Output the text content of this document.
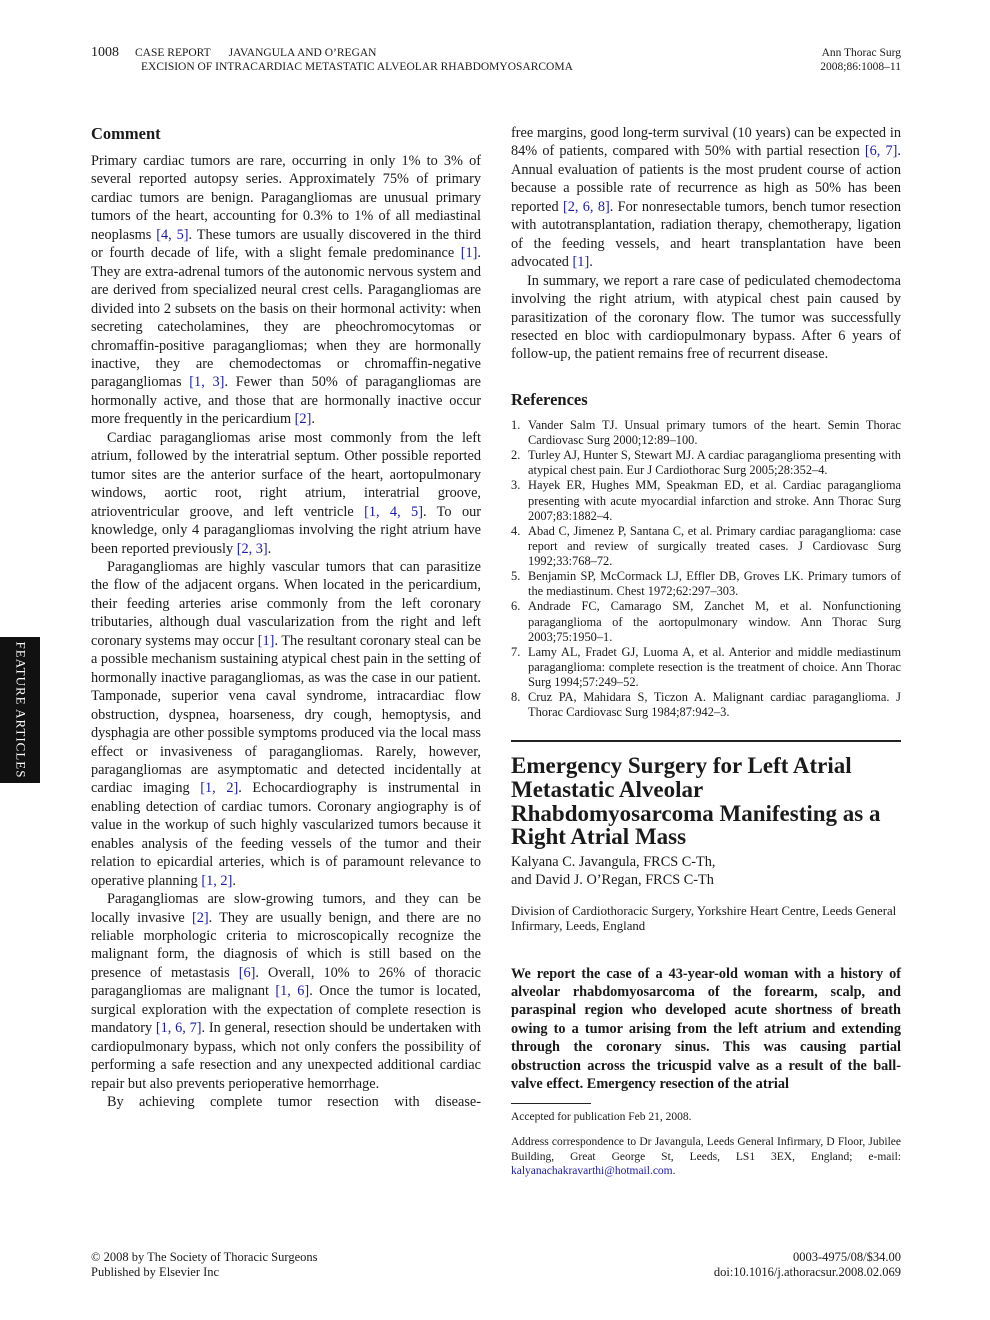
1008 CASE REPORT JAVANGULA AND O’REGAN
EXCISION OF INTRACARDIAC METASTATIC ALVEOLAR RHABDOMYOSARCOMA
Ann Thorac Surg
2008;86:1008–11
FEATURE ARTICLES
Comment

Primary cardiac tumors are rare, occurring in only 1% to 3% of several reported autopsy series. Approximately 75% of primary cardiac tumors are benign. Paragangliomas are unusual primary tumors of the heart, accounting for 0.3% to 1% of all mediastinal neoplasms [4, 5]. These tumors are usually discovered in the third or fourth decade of life, with a slight female predominance [1]. They are extra-adrenal tumors of the autonomic nervous system and are derived from specialized neural crest cells. Paragangliomas are divided into 2 subsets on the basis on their hormonal activity: when secreting catecholamines, they are pheochromocytomas or chromaffin-positive paragangliomas; when they are hormonally inactive, they are chemodectomas or chromaffin-negative paragangliomas [1, 3]. Fewer than 50% of paragangliomas are hormonally active, and those that are hormonally inactive occur more frequently in the pericardium [2].

Cardiac paragangliomas arise most commonly from the left atrium, followed by the interatrial septum. Other possible reported tumor sites are the anterior surface of the heart, aortopulmonary windows, aortic root, right atrium, interatrial groove, atrioventricular groove, and left ventricle [1, 4, 5]. To our knowledge, only 4 paragangliomas involving the right atrium have been reported previously [2, 3].

Paragangliomas are highly vascular tumors that can parasitize the flow of the adjacent organs. When located in the pericardium, their feeding arteries arise commonly from the left coronary tributaries, although dual vascularization from the right and left coronary systems may occur [1]. The resultant coronary steal can be a possible mechanism sustaining atypical chest pain in the setting of hormonally inactive paragangliomas, as was the case in our patient. Tamponade, superior vena caval syndrome, intracardiac flow obstruction, dyspnea, hoarseness, dry cough, hemoptysis, and dysphagia are other possible symptoms produced via the local mass effect or invasiveness of paragangliomas. Rarely, however, paragangliomas are asymptomatic and detected incidentally at cardiac imaging [1, 2]. Echocardiography is instrumental in enabling detection of cardiac tumors. Coronary angiography is of value in the workup of such highly vascularized tumors because it enables analysis of the feeding vessels of the tumor and their relation to epicardial arteries, which is of paramount relevance to operative planning [1, 2].

Paragangliomas are slow-growing tumors, and they can be locally invasive [2]. They are usually benign, and there are no reliable morphologic criteria to microscopically recognize the malignant form, the diagnosis of which is still based on the presence of metastasis [6]. Overall, 10% to 26% of thoracic paragangliomas are malignant [1, 6]. Once the tumor is located, surgical exploration with the expectation of complete resection is mandatory [1, 6, 7]. In general, resection should be undertaken with cardiopulmonary bypass, which not only confers the possibility of performing a safe resection and any unexpected additional cardiac repair but also prevents perioperative hemorrhage.

By achieving complete tumor resection with disease-

free margins, good long-term survival (10 years) can be expected in 84% of patients, compared with 50% with partial resection [6, 7]. Annual evaluation of patients is the most prudent course of action because a possible rate of recurrence as high as 50% has been reported [2, 6, 8]. For nonresectable tumors, bench tumor resection with autotransplantation, radiation therapy, chemotherapy, ligation of the feeding vessels, and heart transplantation have been advocated [1].

In summary, we report a rare case of pediculated chemodectoma involving the right atrium, with atypical chest pain caused by parasitization of the coronary flow. The tumor was successfully resected en bloc with cardiopulmonary bypass. After 6 years of follow-up, the patient remains free of recurrent disease.

References
1. Vander Salm TJ. Unsual primary tumors of the heart. Semin Thorac Cardiovasc Surg 2000;12:89–100.
2. Turley AJ, Hunter S, Stewart MJ. A cardiac paraganglioma presenting with atypical chest pain. Eur J Cardiothorac Surg 2005;28:352–4.
3. Hayek ER, Hughes MM, Speakman ED, et al. Cardiac paraganglioma presenting with acute myocardial infarction and stroke. Ann Thorac Surg 2007;83:1882–4.
4. Abad C, Jimenez P, Santana C, et al. Primary cardiac paraganglioma: case report and review of surgically treated cases. J Cardiovasc Surg 1992;33:768–72.
5. Benjamin SP, McCormack LJ, Effler DB, Groves LK. Primary tumors of the mediastinum. Chest 1972;62:297–303.
6. Andrade FC, Camarago SM, Zanchet M, et al. Nonfunctioning paraganglioma of the aortopulmonary window. Ann Thorac Surg 2003;75:1950–1.
7. Lamy AL, Fradet GJ, Luoma A, et al. Anterior and middle mediastinum paraganglioma: complete resection is the treatment of choice. Ann Thorac Surg 1994;57:249–52.
8. Cruz PA, Mahidara S, Ticzon A. Malignant cardiac paraganglioma. J Thorac Cardiovasc Surg 1984;87:942–3.
Emergency Surgery for Left Atrial Metastatic Alveolar Rhabdomyosarcoma Manifesting as a Right Atrial Mass
Kalyana C. Javangula, FRCS C-Th,
and David J. O’Regan, FRCS C-Th
Division of Cardiothoracic Surgery, Yorkshire Heart Centre, Leeds General Infirmary, Leeds, England

We report the case of a 43-year-old woman with a history of alveolar rhabdomyosarcoma of the forearm, scalp, and paraspinal region who developed acute shortness of breath owing to a tumor arising from the left atrium and extending through the coronary sinus. This was causing partial obstruction across the tricuspid valve as a result of the ball-valve effect. Emergency resection of the atrial

Accepted for publication Feb 21, 2008.

Address correspondence to Dr Javangula, Leeds General Infirmary, D Floor, Jubilee Building, Great George St, Leeds, LS1 3EX, England; e-mail: kalyanachakravarthi@hotmail.com.

© 2008 by The Society of Thoracic Surgeons
Published by Elsevier Inc
0003-4975/08/$34.00
doi:10.1016/j.athoracsur.2008.02.069
